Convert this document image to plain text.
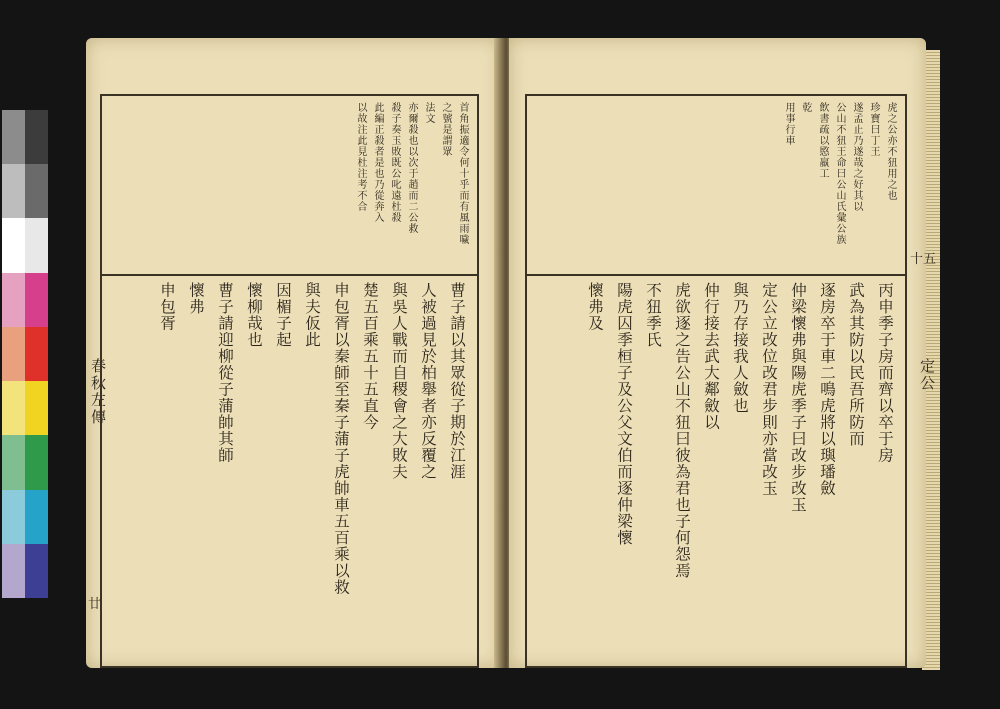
春秋左傳
廿
首角振適令何十乎而有風雨噦
之號是謂眾
法文
亦爾殺也以次于趙而二公救
殺子奏玉敗既公叱遠杜殺
此編正殺者是也乃從奔入
以故注此見杜注考不合
曹子請以其眾從子期於江涯
人被過見於柏舉者亦反覆之
與吳人戰而自稷會之大敗夫
楚五百乘五十五直今
申包胥以秦師至秦子蒲子虎帥車五百乘以救
與夫仮此
因楣子起
懷柳哉也
曹子請迎柳從子蒲帥其師
懷弗
申包胥
定公
十五
虎之公亦不狃用之也
珍寶曰丁王
遂孟止乃遂哉之好其以
公山不狃王命曰公山氏彙公族
飲書疏以愍羸工
乾
用事行車
丙申季子房而齊以卒于房
武為其防以民吾所防而
逐房卒于車二鳴虎將以璵璠斂
仲梁懷弗與陽虎季子曰改步改玉
定公立改位改君步則亦當改玉
與乃存接我人斂也
仲行接去武大鄰斂以
虎欲逐之告公山不狃曰彼為君也子何怨焉
不狃季氏
陽虎囚季桓子及公父文伯而逐仲梁懷
懷弗及
